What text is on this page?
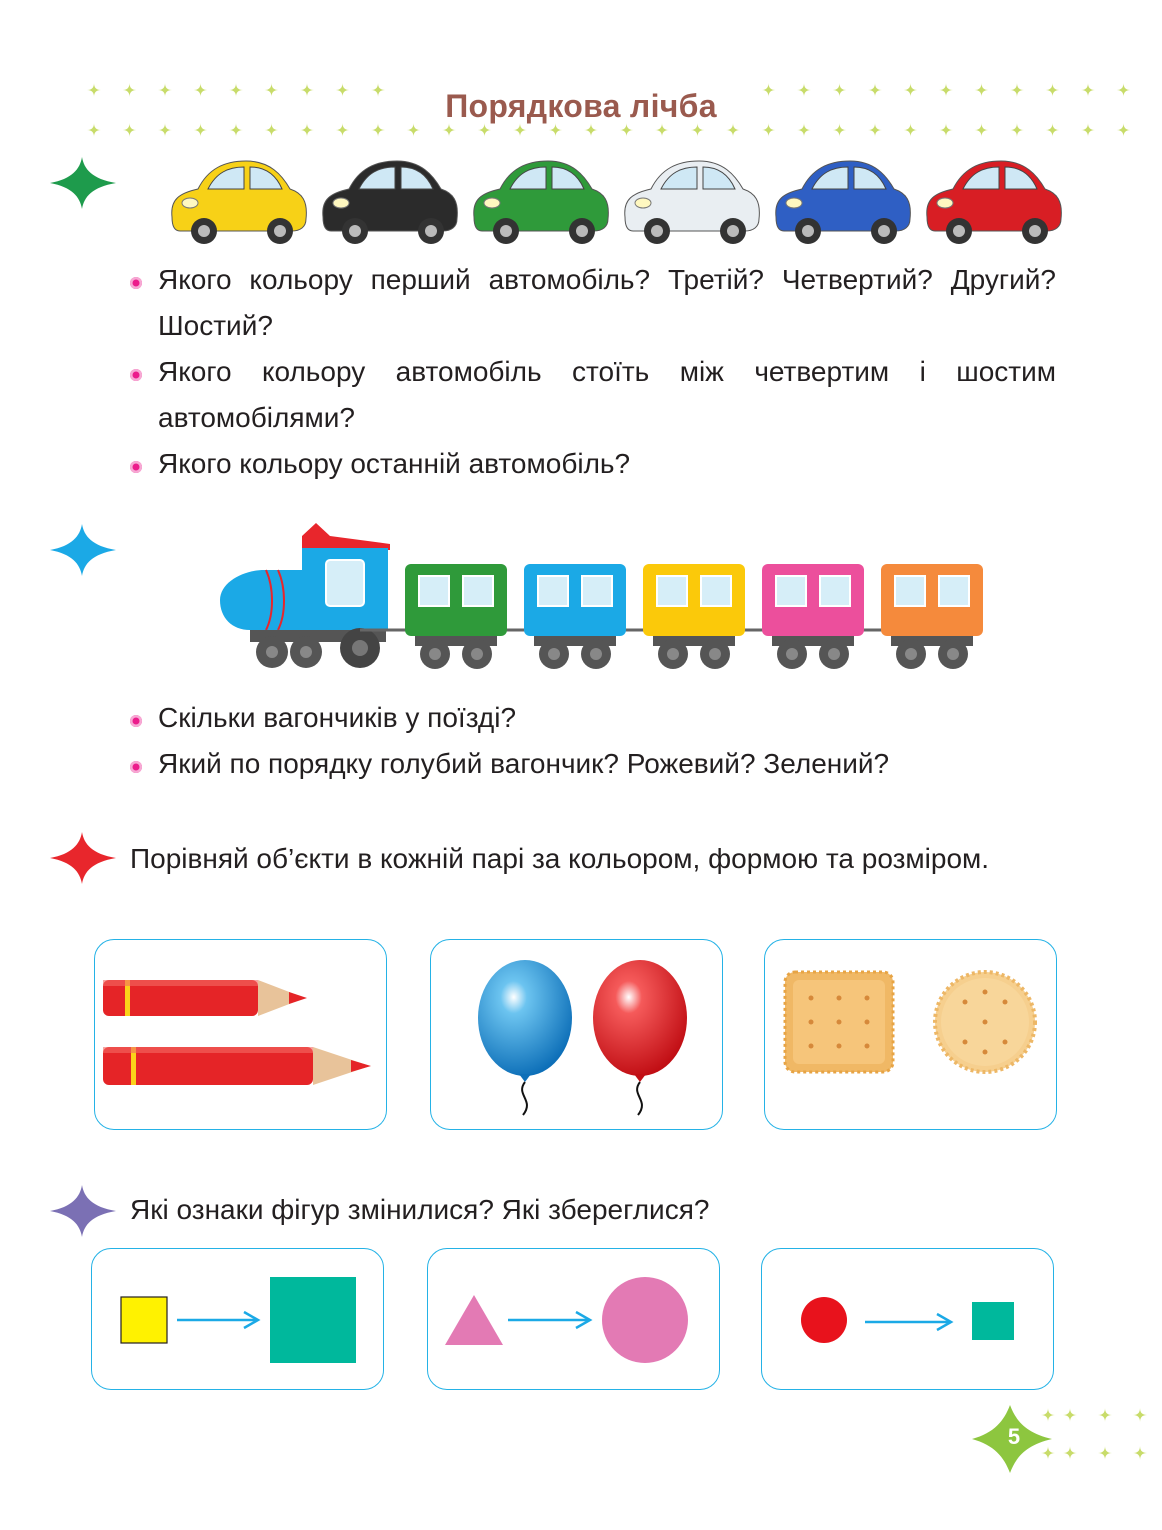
Порядкова лічба
Якого кольору перший автомобіль? Третій? Четвертий? Другий? Шостий?
Якого кольору автомобіль стоїть між четвертим і шостим автомобілями?
Якого кольору останній автомобіль?
Скільки вагончиків у поїзді?
Який по порядку голубий вагончик? Рожевий? Зелений?
Порівняй об’єкти в кожній парі за кольором, формою та розміром.
Які ознаки фігур змінилися? Які збереглися?
5
